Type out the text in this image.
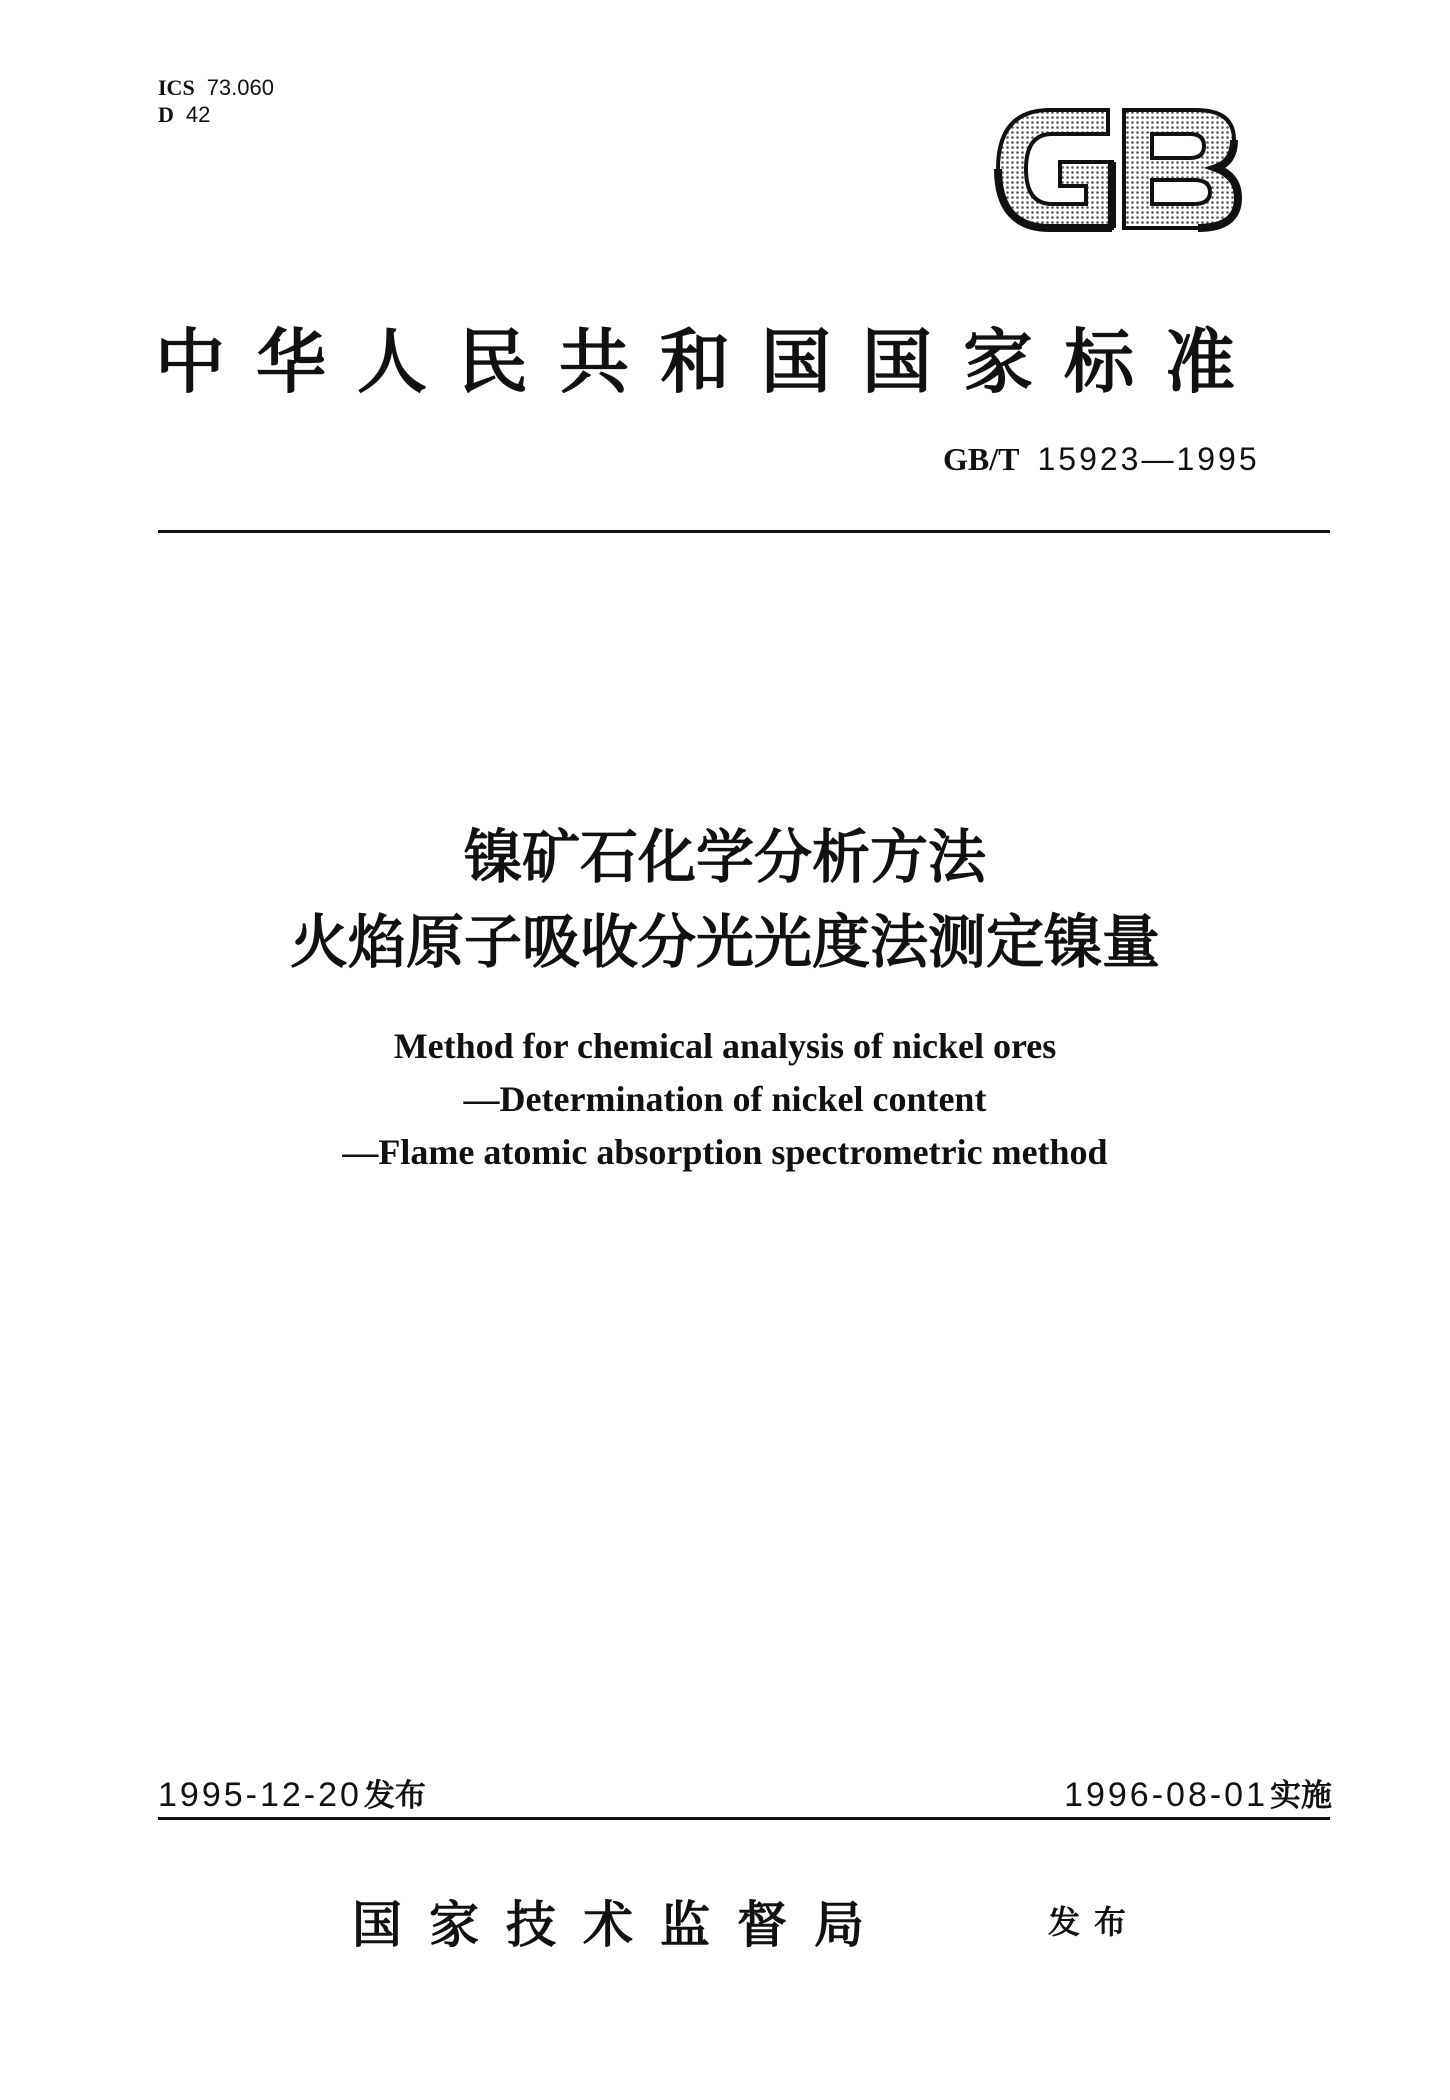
ICS 73.060
D 42
中华人民共和国国家标准
GB/T 15923—1995
镍矿石化学分析方法
火焰原子吸收分光光度法测定镍量
Method for chemical analysis of nickel ores
—Determination of nickel content
—Flame atomic absorption spectrometric method
1995-12-20发布	1996-08-01实施
国家技术监督局	发布
